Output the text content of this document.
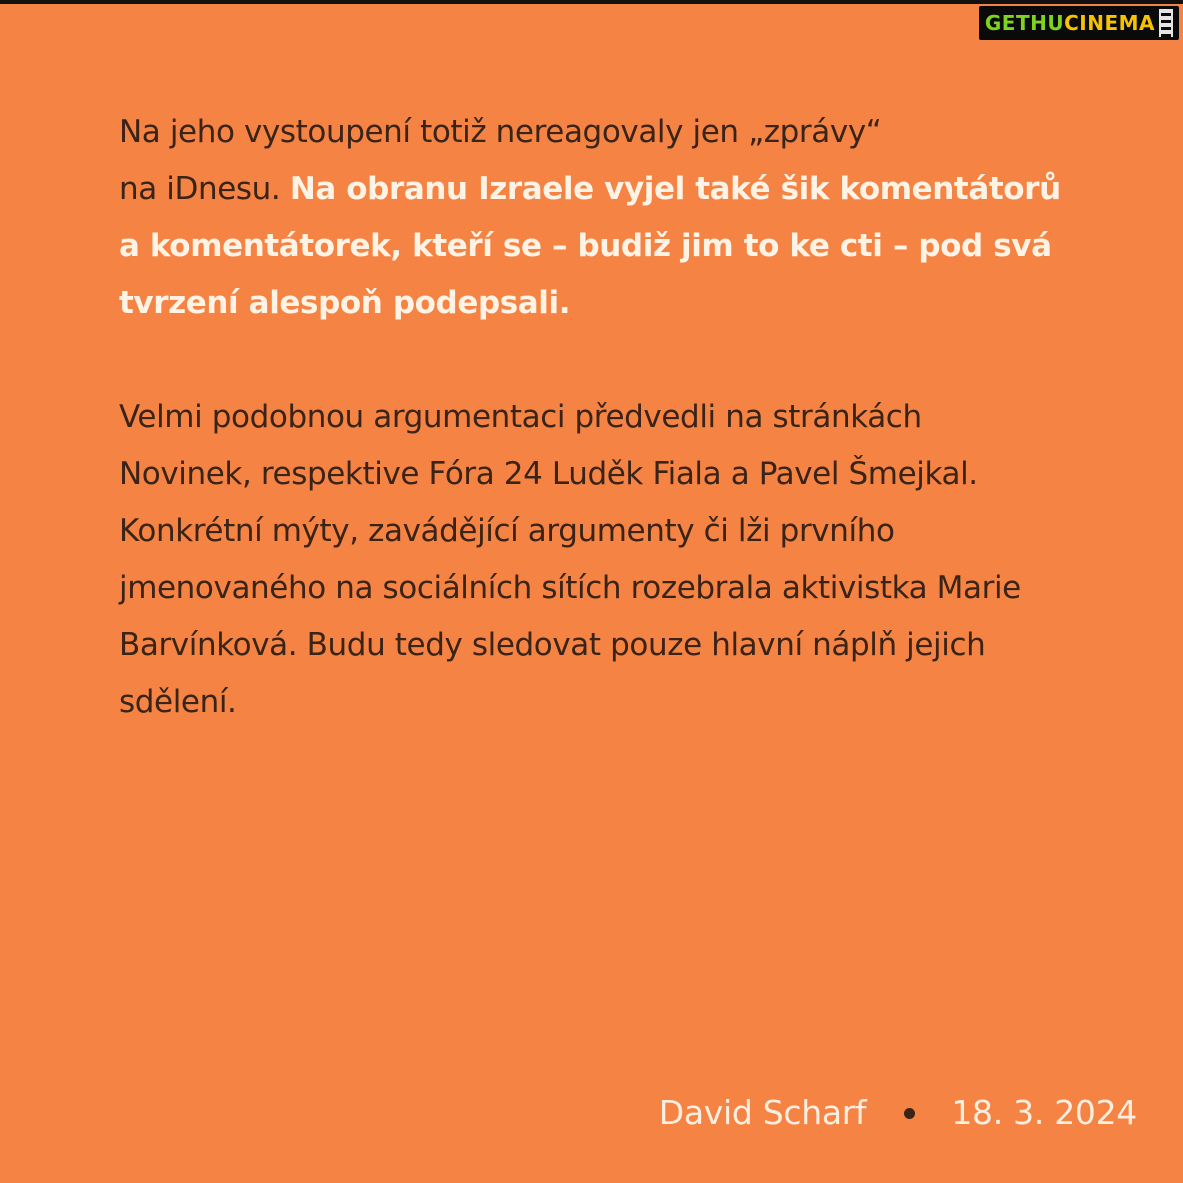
GETHU CINEMA

Na jeho vystoupení totiž nereagovaly jen „zprávy“
na iDnesu. Na obranu Izraele vyjel také šik komentátorů
a komentátorek, kteří se – budiž jim to ke cti – pod svá
tvrzení alespoň podepsali.

Velmi podobnou argumentaci předvedli na stránkách
Novinek, respektive Fóra 24 Luděk Fiala a Pavel Šmejkal.
Konkrétní mýty, zavádějící argumenty či lži prvního
jmenovaného na sociálních sítích rozebrala aktivistka Marie
Barvínková. Budu tedy sledovat pouze hlavní náplň jejich
sdělení.

David Scharf	18. 3. 2024
